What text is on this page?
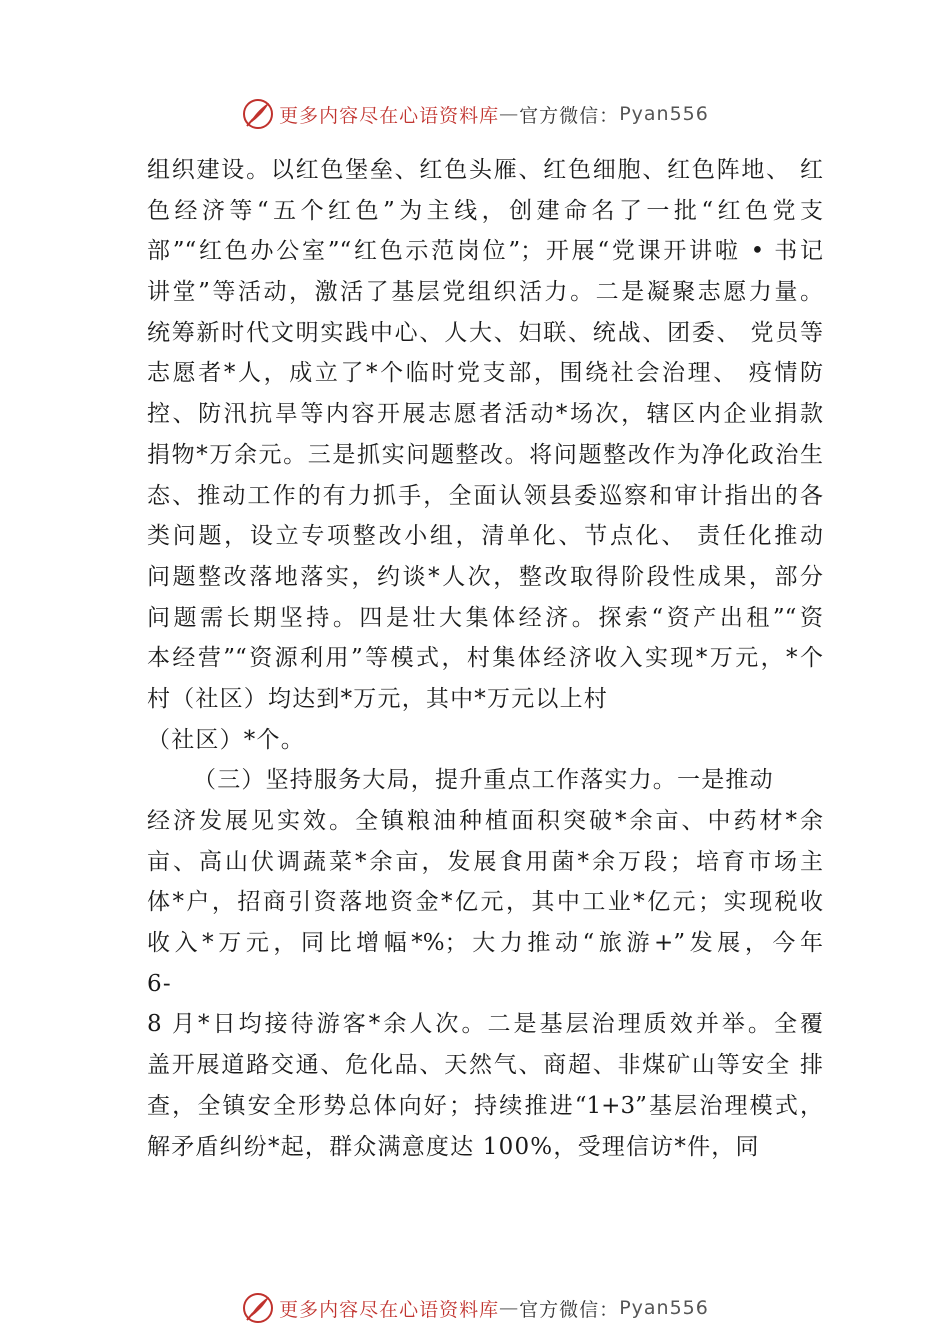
更多内容尽在心语资料库 — 官方微信： Pyan556
组织建设。以红色堡垒、红色头雁、红色细胞、红色阵地、 红
色经济等“五个红色”为主线，创建命名了一批“红色党支
部”“红色办公室”“红色示范岗位”；开展“党课开讲啦 • 书记
讲堂”等活动，激活了基层党组织活力。二是凝聚志愿力量。
统筹新时代文明实践中心、人大、妇联、统战、团委、 党员等
志愿者*人，成立了*个临时党支部，围绕社会治理、 疫情防
控、防汛抗旱等内容开展志愿者活动*场次，辖区内企业捐款
捐物*万余元。三是抓实问题整改。将问题整改作为净化政治生
态、推动工作的有力抓手，全面认领县委巡察和审计指出的各
类问题，设立专项整改小组，清单化、节点化、 责任化推动
问题整改落地落实，约谈*人次，整改取得阶段性成果，部分
问题需长期坚持。四是壮大集体经济。探索“资产出租”“资
本经营”“资源利用”等模式，村集体经济收入实现*万元，*个
村（社区）均达到*万元，其中*万元以上村
（社区）*个。
（三）坚持服务大局，提升重点工作落实力。一是推动
经济发展见实效。全镇粮油种植面积突破*余亩、中药材*余
亩、高山伏调蔬菜*余亩，发展食用菌*余万段；培育市场主
体*户，招商引资落地资金*亿元，其中工业*亿元；实现税收
收入*万元，同比增幅*%；大力推动“旅游+”发展，今年
6-
8 月*日均接待游客*余人次。二是基层治理质效并举。全覆
盖开展道路交通、危化品、天然气、商超、非煤矿山等安全 排
查，全镇安全形势总体向好；持续推进“1+3”基层治理模式，
解矛盾纠纷*起，群众满意度达 100%，受理信访*件，同
更多内容尽在心语资料库 — 官方微信： Pyan556
